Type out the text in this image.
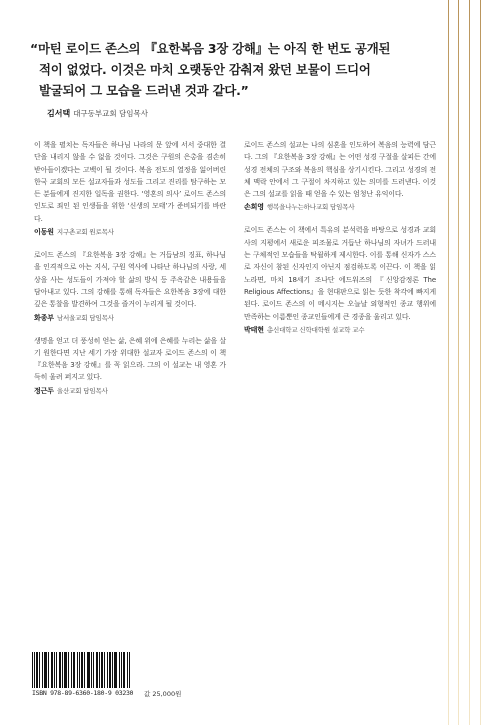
“마틴 로이드 존스의 『요한복음 3장 강해』는 아직 한 번도 공개된
적이 없었다. 이것은 마치 오랫동안 감춰져 왔던 보물이 드디어
발굴되어 그 모습을 드러낸 것과 같다.”
김서택 대구동부교회 담임목사

이 책을 펼치는 독자들은 하나님 나라의 문 앞에 서서 중대한 결단을 내리지 않을 수 없을 것이다. 그것은 구원의 은총을 겸손히 받아들이겠다는 고백이 될 것이다. 복음 전도의 열정을 잃어버린 한국 교회의 모든 설교자들과 성도들 그리고 진리를 탐구하는 모든 분들에게 진지한 일독을 권한다. ‘영혼의 의사’ 로이드 존스의 인도로 죄인 된 인생들을 위한 ‘신생의 모태’가 준비되기를 바란다.

이동원 지구촌교회 원로목사

로이드 존스의 『요한복음 3장 강해』는 거듭남의 징표, 하나님을 인격적으로 아는 지식, 구원 역사에 나타난 하나님의 사랑, 세상을 사는 성도들이 가져야 할 삶의 방식 등 주옥같은 내용들을 담아내고 있다. 그의 강해를 통해 독자들은 요한복음 3장에 대한 깊은 통찰을 발견하여 그것을 즐거이 누리게 될 것이다.

화종부 남서울교회 담임목사

생명을 얻고 더 풍성히 얻는 삶, 은혜 위에 은혜를 누리는 삶을 살기 원한다면 지난 세기 가장 위대한 설교자 로이드 존스의 이 책 『요한복음 3장 강해』를 꼭 읽으라. 그의 이 설교는 내 영혼 가득히 울려 퍼지고 있다.

정근두 울산교회 담임목사

로이드 존스의 설교는 나의 심혼을 인도하여 복음의 능력에 담근다. 그의 『요한복음 3장 강해』는 어떤 성경 구절을 살피든 간에 성경 전체의 구조와 복음의 핵심을 상기시킨다. 그리고 성경의 전체 맥락 안에서 그 구절이 차지하고 있는 의미를 드러낸다. 이것은 그의 설교를 읽을 때 얻을 수 있는 엄청난 유익이다.

손희영 행복을나누는하나교회 담임목사

로이드 존스는 이 책에서 특유의 분석력을 바탕으로 성경과 교회사의 지평에서 새로운 피조물로 거듭난 하나님의 자녀가 드러내는 구체적인 모습들을 탁월하게 제시한다. 이를 통해 신자가 스스로 자신이 참된 신자인지 아닌지 점검하도록 이끈다. 이 책을 읽노라면, 마치 18세기 조나단 에드워즈의 『신앙감정론 The Religious Affections』을 현대판으로 읽는 듯한 착각에 빠지게 된다. 로이드 존스의 이 메시지는 오늘날 외형적인 종교 행위에 만족하는 이름뿐인 종교인들에게 큰 경종을 울리고 있다.

박태현 총신대학교 신학대학원 설교학 교수
ISBN 978-89-6360-180-9 03230 값 25,000원
